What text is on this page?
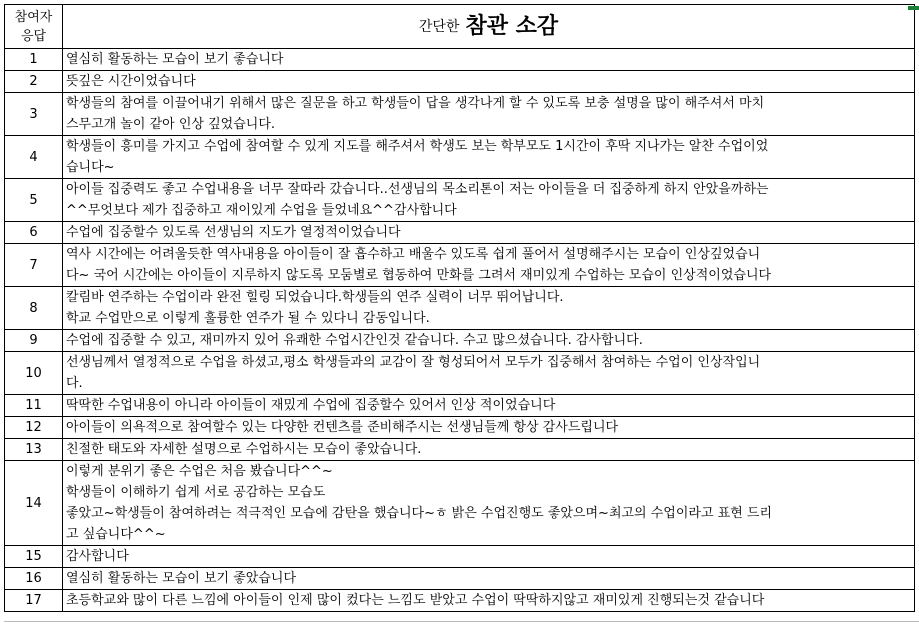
참여자
응답	간단한 참관 소감
1	열심히 활동하는 모습이 보기 좋습니다

2	뜻깊은 시간이었습니다

3	학생들의 참여를 이끌어내기 위해서 많은 질문을 하고 학생들이 답을 생각나게 할 수 있도록 보충 설명을 많이 해주셔서 마치
스무고개 놀이 같아 인상 깊었습니다.

4	학생들이 흥미를 가지고 수업에 참여할 수 있게 지도를 해주셔서 학생도 보는 학부모도 1시간이 후딱 지나가는 알찬 수업이었
습니다~

5	아이들 집중력도 좋고 수업내용을 너무 잘따라 갔습니다..선생님의 목소리톤이 저는 아이들을 더 집중하게 하지 안았을까하는
^^무엇보다 제가 집중하고 재이있게 수업을 들었네요^^감사합니다

6	수업에 집중할수 있도록 선생님의 지도가 열정적이었습니다

7	역사 시간에는 어려울듯한 역사내용을 아이들이 잘 흡수하고 배울수 있도록 쉽게 풀어서 설명해주시는 모습이 인상깊었습니
다~ 국어 시간에는 아이들이 지루하지 않도록 모둠별로 협동하여 만화를 그려서 재미있게 수업하는 모습이 인상적이었습니다

8	칼림바 연주하는 수업이라 완전 힐링 되었습니다.학생들의 연주 실력이 너무 뛰어납니다.
학교 수업만으로 이렇게 훌륭한 연주가 될 수 있다니 감동입니다.

9	수업에 집중할 수 있고, 재미까지 있어 유쾌한 수업시간인것 같습니다. 수고 많으셨습니다. 감사합니다.

10	선생님께서 열정적으로 수업을 하셨고,평소 학생들과의 교감이 잘 형성되어서 모두가 집중해서 참여하는 수업이 인상작입니
다.

11	딱딱한 수업내용이 아니라 아이들이 재밌게 수업에 집중할수 있어서 인상 적이었습니다

12	아이들이 의욕적으로 참여할수 있는 다양한 컨텐츠를 준비해주시는 선생님들께 항상 감사드립니다

13	친절한 태도와 자세한 설명으로 수업하시는 모습이 좋았습니다.

14	이렇게 분위기 좋은 수업은 처음 봤습니다^^~
학생들이 이해하기 쉽게 서로 공감하는 모습도
좋았고~학생들이 참여하려는 적극적인 모습에 감탄을 했습니다~ㅎ 밝은 수업진행도 좋았으며~최고의 수업이라고 표현 드리
고 싶습니다^^~

15	감사합니다

16	열심히 활동하는 모습이 보기 좋았습니다

17	초등학교와 많이 다른 느낌에 아이들이 인제 많이 컸다는 느낌도 받았고 수업이 딱딱하지않고 재미있게 진행되는것 같습니다
